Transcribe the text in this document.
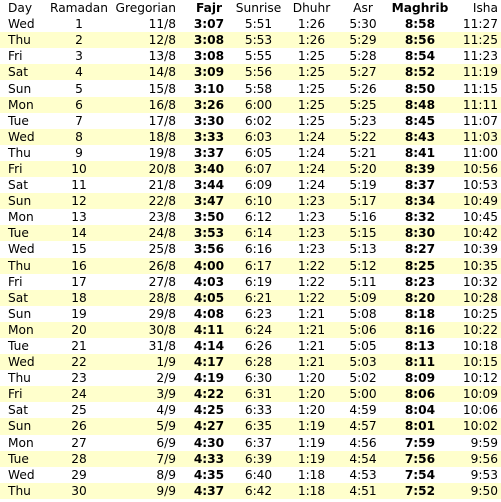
Day	Ramadan	Gregorian	Fajr	Sunrise	Dhuhr	Asr	Maghrib	Isha
Wed	1	11/8	3:07	5:51	1:26	5:30	8:58	11:27
Thu	2	12/8	3:08	5:53	1:26	5:29	8:56	11:25
Fri	3	13/8	3:08	5:55	1:25	5:28	8:54	11:23
Sat	4	14/8	3:09	5:56	1:25	5:27	8:52	11:19
Sun	5	15/8	3:10	5:58	1:25	5:26	8:50	11:15
Mon	6	16/8	3:26	6:00	1:25	5:25	8:48	11:11
Tue	7	17/8	3:30	6:02	1:25	5:23	8:45	11:07
Wed	8	18/8	3:33	6:03	1:24	5:22	8:43	11:03
Thu	9	19/8	3:37	6:05	1:24	5:21	8:41	11:00
Fri	10	20/8	3:40	6:07	1:24	5:20	8:39	10:56
Sat	11	21/8	3:44	6:09	1:24	5:19	8:37	10:53
Sun	12	22/8	3:47	6:10	1:23	5:17	8:34	10:49
Mon	13	23/8	3:50	6:12	1:23	5:16	8:32	10:45
Tue	14	24/8	3:53	6:14	1:23	5:15	8:30	10:42
Wed	15	25/8	3:56	6:16	1:23	5:13	8:27	10:39
Thu	16	26/8	4:00	6:17	1:22	5:12	8:25	10:35
Fri	17	27/8	4:03	6:19	1:22	5:11	8:23	10:32
Sat	18	28/8	4:05	6:21	1:22	5:09	8:20	10:28
Sun	19	29/8	4:08	6:23	1:21	5:08	8:18	10:25
Mon	20	30/8	4:11	6:24	1:21	5:06	8:16	10:22
Tue	21	31/8	4:14	6:26	1:21	5:05	8:13	10:18
Wed	22	1/9	4:17	6:28	1:21	5:03	8:11	10:15
Thu	23	2/9	4:19	6:30	1:20	5:02	8:09	10:12
Fri	24	3/9	4:22	6:31	1:20	5:00	8:06	10:09
Sat	25	4/9	4:25	6:33	1:20	4:59	8:04	10:06
Sun	26	5/9	4:27	6:35	1:19	4:57	8:01	10:02
Mon	27	6/9	4:30	6:37	1:19	4:56	7:59	9:59
Tue	28	7/9	4:33	6:39	1:19	4:54	7:56	9:56
Wed	29	8/9	4:35	6:40	1:18	4:53	7:54	9:53
Thu	30	9/9	4:37	6:42	1:18	4:51	7:52	9:50
